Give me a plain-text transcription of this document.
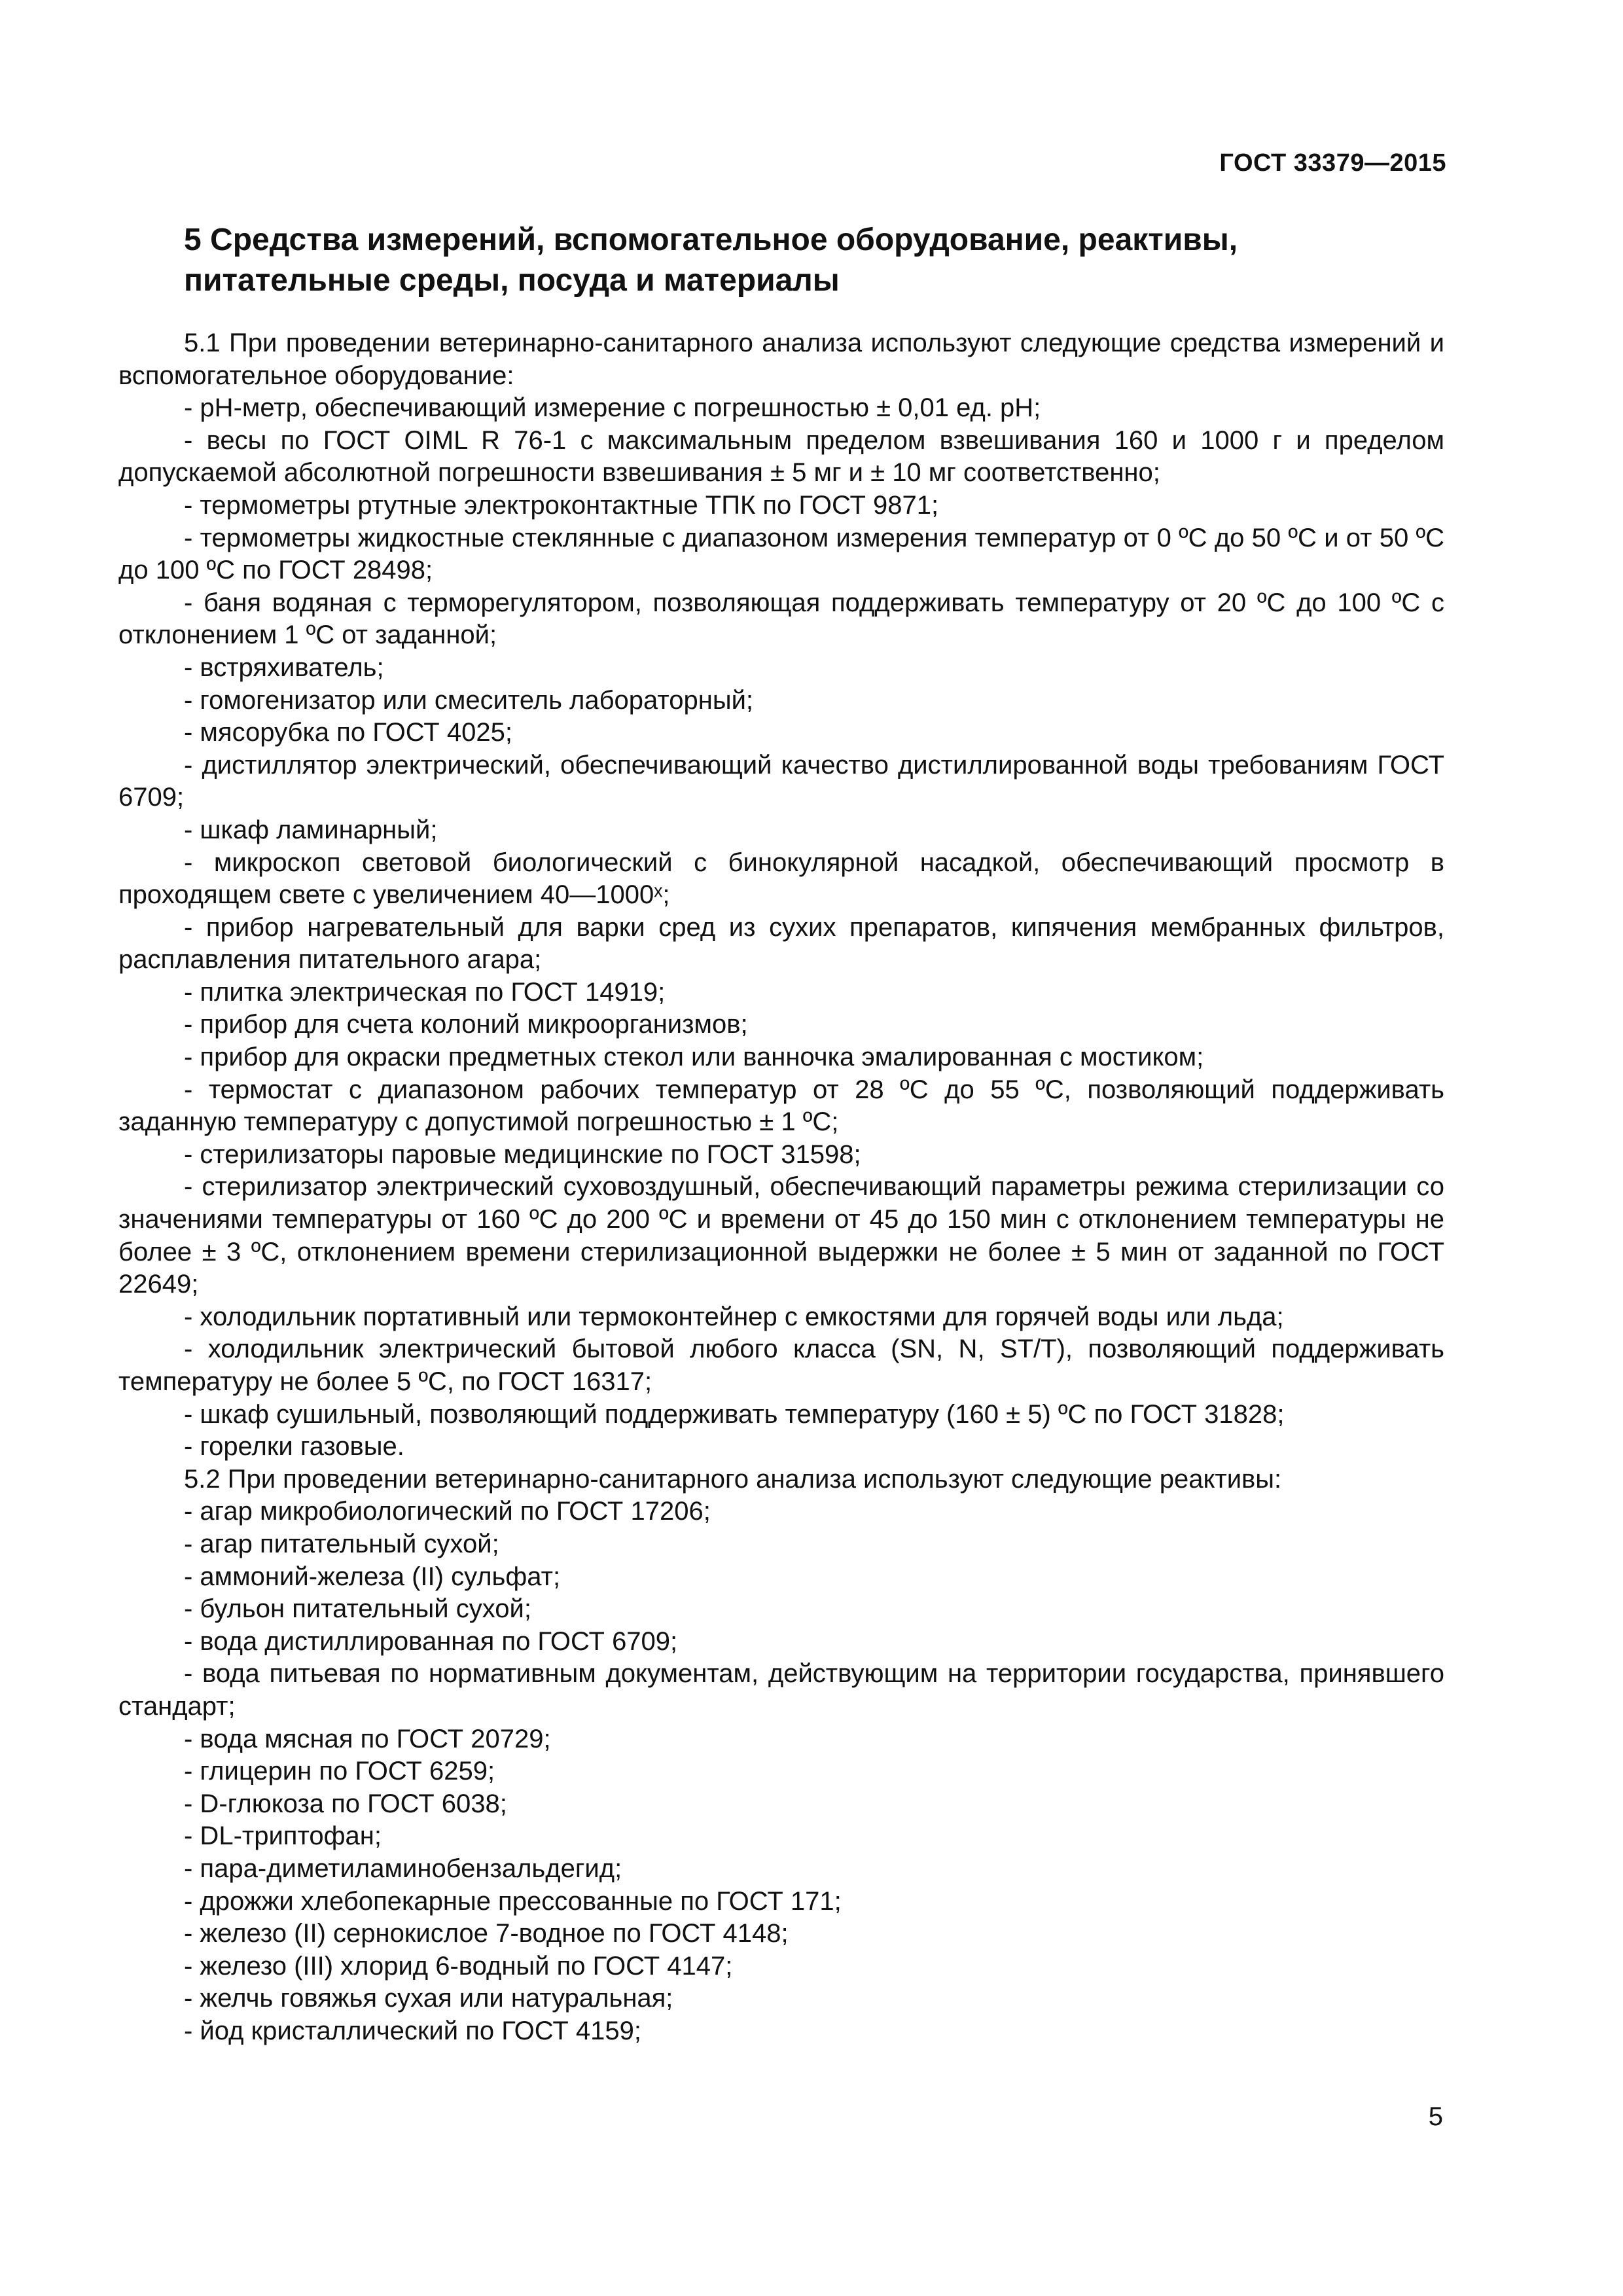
ГОСТ 33379—2015
5 Средства измерений, вспомогательное оборудование, реактивы,
питательные среды, посуда и материалы

5.1 При проведении ветеринарно-санитарного анализа используют следующие средства измерений и вспомогательное оборудование:

- pH-метр, обеспечивающий измерение с погрешностью ± 0,01 ед. pH;

- весы по ГОСТ OIML R 76-1 с максимальным пределом взвешивания 160 и 1000 г и пределом допускаемой абсолютной погрешности взвешивания ± 5 мг и ± 10 мг соответственно;

- термометры ртутные электроконтактные ТПК по ГОСТ 9871;

- термометры жидкостные стеклянные с диапазоном измерения температур от 0 ºС до 50 ºС и от 50 ºС до 100 ºС по ГОСТ 28498;

- баня водяная с терморегулятором, позволяющая поддерживать температуру от 20 ºС до 100 ºС с отклонением 1 ºС от заданной;

- встряхиватель;

- гомогенизатор или смеситель лабораторный;

- мясорубка по ГОСТ 4025;

- дистиллятор электрический, обеспечивающий качество дистиллированной воды требованиям ГОСТ 6709;

- шкаф ламинарный;

- микроскоп световой биологический с бинокулярной насадкой, обеспечивающий просмотр в проходящем свете с увеличением 40—1000ˣ;

- прибор нагревательный для варки сред из сухих препаратов, кипячения мембранных фильтров, расплавления питательного агара;

- плитка электрическая по ГОСТ 14919;

- прибор для счета колоний микроорганизмов;

- прибор для окраски предметных стекол или ванночка эмалированная с мостиком;

- термостат с диапазоном рабочих температур от 28 ºС до 55 ºС, позволяющий поддерживать заданную температуру с допустимой погрешностью ± 1 ºС;

- стерилизаторы паровые медицинские по ГОСТ 31598;

- стерилизатор электрический суховоздушный, обеспечивающий параметры режима стерилизации со значениями температуры от 160 ºС до 200 ºС и времени от 45 до 150 мин с отклонением температуры не более ± 3 ºС, отклонением времени стерилизационной выдержки не более ± 5 мин от заданной по ГОСТ 22649;

- холодильник портативный или термоконтейнер с емкостями для горячей воды или льда;

- холодильник электрический бытовой любого класса (SN, N, ST/T), позволяющий поддерживать температуру не более 5 ºС, по ГОСТ 16317;

- шкаф сушильный, позволяющий поддерживать температуру (160 ± 5) ºС по ГОСТ 31828;

- горелки газовые.

5.2 При проведении ветеринарно-санитарного анализа используют следующие реактивы:

- агар микробиологический по ГОСТ 17206;

- агар питательный сухой;

- аммоний-железа (II) сульфат;

- бульон питательный сухой;

- вода дистиллированная по ГОСТ 6709;

- вода питьевая по нормативным документам, действующим на территории государства, принявшего стандарт;

- вода мясная по ГОСТ 20729;

- глицерин по ГОСТ 6259;

- D-глюкоза по ГОСТ 6038;

- DL-триптофан;

- пара-диметиламинобензальдегид;

- дрожжи хлебопекарные прессованные по ГОСТ 171;

- железо (II) сернокислое 7-водное по ГОСТ 4148;

- железо (III) хлорид 6-водный по ГОСТ 4147;

- желчь говяжья сухая или натуральная;

- йод кристаллический по ГОСТ 4159;

5
